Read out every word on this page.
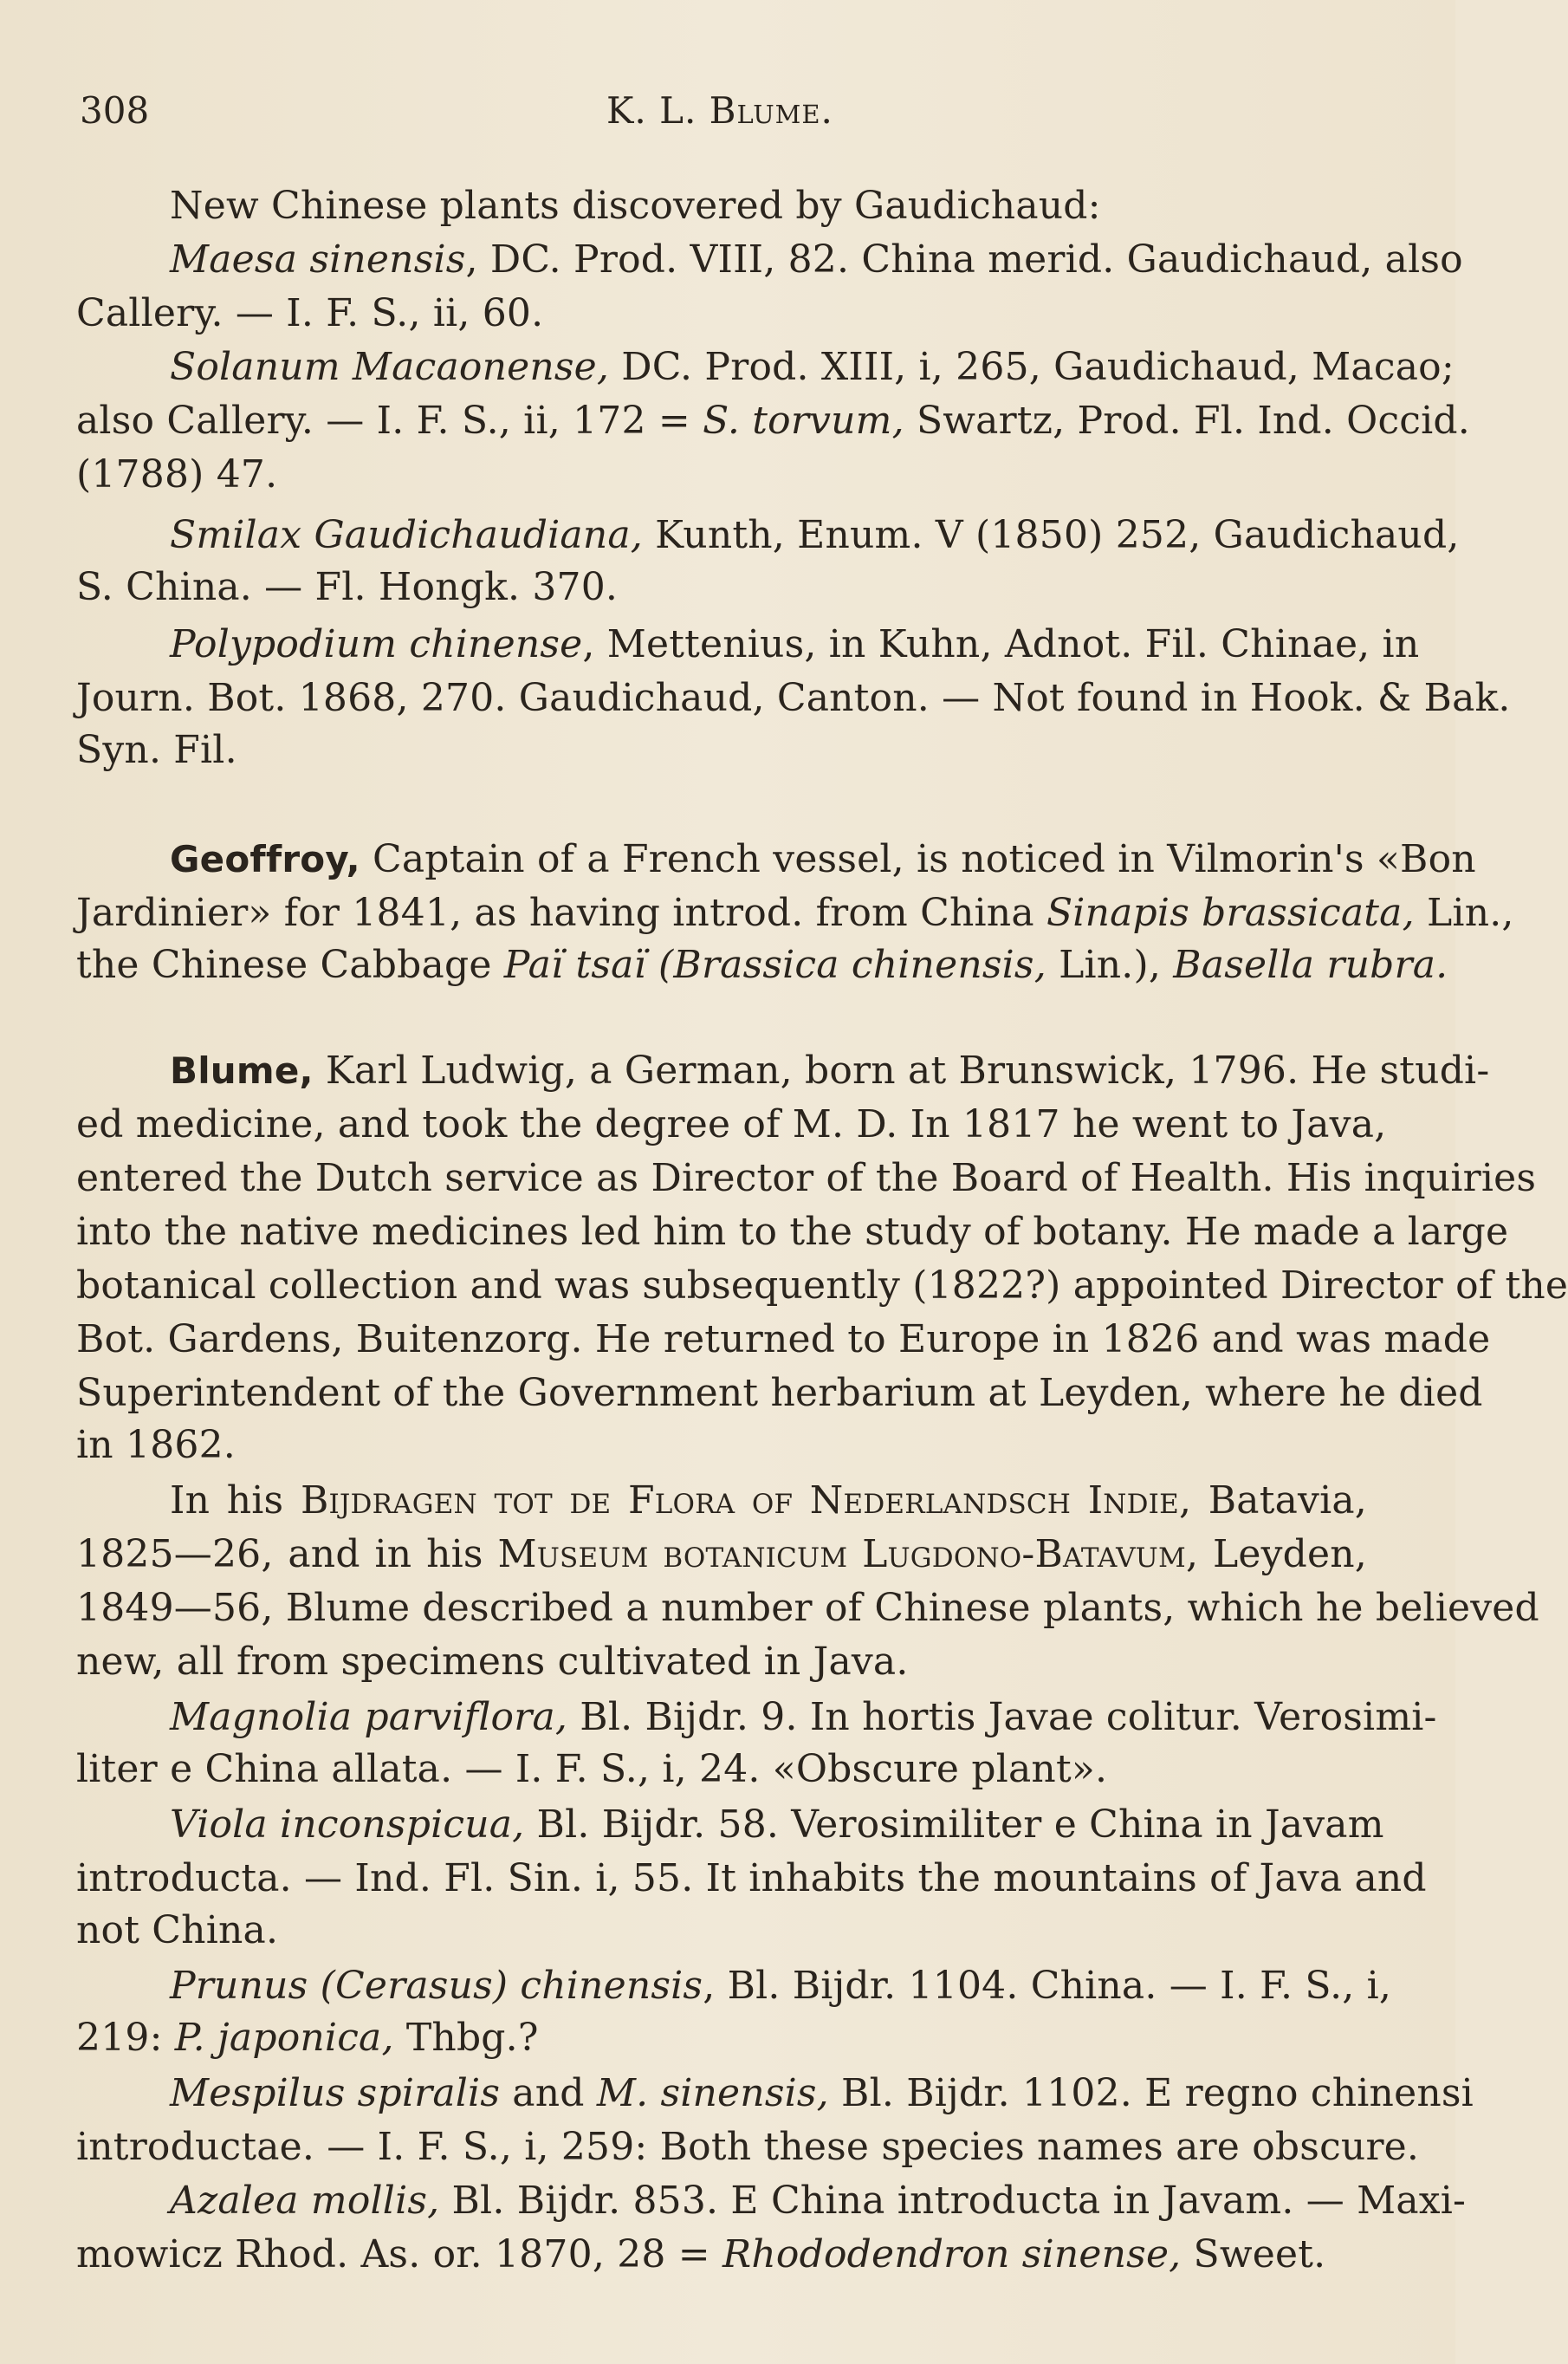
308	K. L. Blume.

New Chinese plants discovered by Gaudichaud:

Maesa sinensis, DC. Prod. VIII, 82. China merid. Gaudichaud, also

Callery. — I. F. S., ii, 60.

Solanum Macaonense, DC. Prod. XIII, i, 265, Gaudichaud, Macao;

also Callery. — I. F. S., ii, 172 = S. torvum, Swartz, Prod. Fl. Ind. Occid.

(1788) 47.

Smilax Gaudichaudiana, Kunth, Enum. V (1850) 252, Gaudichaud,

S. China. — Fl. Hongk. 370.

Polypodium chinense, Mettenius, in Kuhn, Adnot. Fil. Chinae, in

Journ. Bot. 1868, 270. Gaudichaud, Canton. — Not found in Hook. & Bak.

Syn. Fil.

Geoffroy, Captain of a French vessel, is noticed in Vilmorin's «Bon

Jardinier» for 1841, as having introd. from China Sinapis brassicata, Lin.,

the Chinese Cabbage Paï tsaï (Brassica chinensis, Lin.), Basella rubra.

Blume, Karl Ludwig, a German, born at Brunswick, 1796. He studi-

ed medicine, and took the degree of M. D. In 1817 he went to Java,

entered the Dutch service as Director of the Board of Health. His inquiries

into the native medicines led him to the study of botany. He made a large

botanical collection and was subsequently (1822?) appointed Director of the

Bot. Gardens, Buitenzorg. He returned to Europe in 1826 and was made

Superintendent of the Government herbarium at Leyden, where he died

in 1862.

In his Bijdragen tot de Flora of Nederlandsch Indie, Batavia,

1825—26, and in his Museum botanicum Lugdono-Batavum, Leyden,

1849—56, Blume described a number of Chinese plants, which he believed

new, all from specimens cultivated in Java.

Magnolia parviflora, Bl. Bijdr. 9. In hortis Javae colitur. Verosimi-

liter e China allata. — I. F. S., i, 24. «Obscure plant».

Viola inconspicua, Bl. Bijdr. 58. Verosimiliter e China in Javam

introducta. — Ind. Fl. Sin. i, 55. It inhabits the mountains of Java and

not China.

Prunus (Cerasus) chinensis, Bl. Bijdr. 1104. China. — I. F. S., i,

219: P. japonica, Thbg.?

Mespilus spiralis and M. sinensis, Bl. Bijdr. 1102. E regno chinensi

introductae. — I. F. S., i, 259: Both these species names are obscure.

Azalea mollis, Bl. Bijdr. 853. E China introducta in Javam. — Maxi-

mowicz Rhod. As. or. 1870, 28 = Rhododendron sinense, Sweet.
